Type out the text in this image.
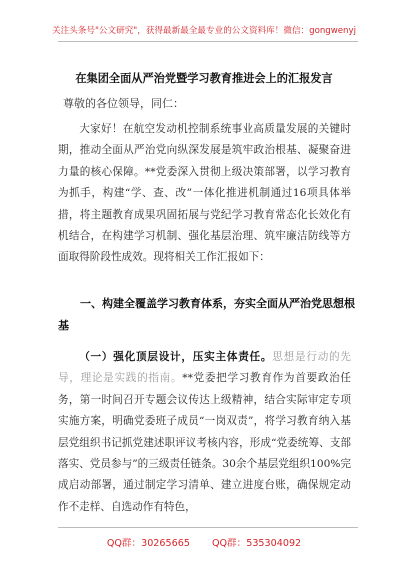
关注头条号"公文研究"，获得最新最全最专业的公文资料库！微信：gongwenyj
在集团全面从严治党暨学习教育推进会上的汇报发言
尊敬的各位领导，同仁：

大家好！在航空发动机控制系统事业高质量发展的关键时期，推动全面从严治党向纵深发展是筑牢政治根基、凝聚奋进力量的核心保障。**党委深入贯彻上级决策部署，以学习教育为抓手，构建“学、查、改”一体化推进机制通过16项具体举措，将主题教育成果巩固拓展与党纪学习教育常态化长效化有机结合，在构建学习机制、强化基层治理、筑牢廉洁防线等方面取得阶段性成效。现将相关工作汇报如下：

一、构建全覆盖学习教育体系，夯实全面从严治党思想根基

（一）强化顶层设计，压实主体责任。思想是行动的先导，理论是实践的指南。**党委把学习教育作为首要政治任务，第一时间召开专题会议传达上级精神，结合实际审定专项实施方案，明确党委班子成员“一岗双责”，将学习教育纳入基层党组织书记抓党建述职评议考核内容，形成“党委统筹、支部落实、党员参与”的三级责任链条。30余个基层党组织100%完成启动部署，通过制定学习清单、建立进度台账，确保规定动作不走样、自选动作有特色，

QQ群：30265665 QQ群：535304092
